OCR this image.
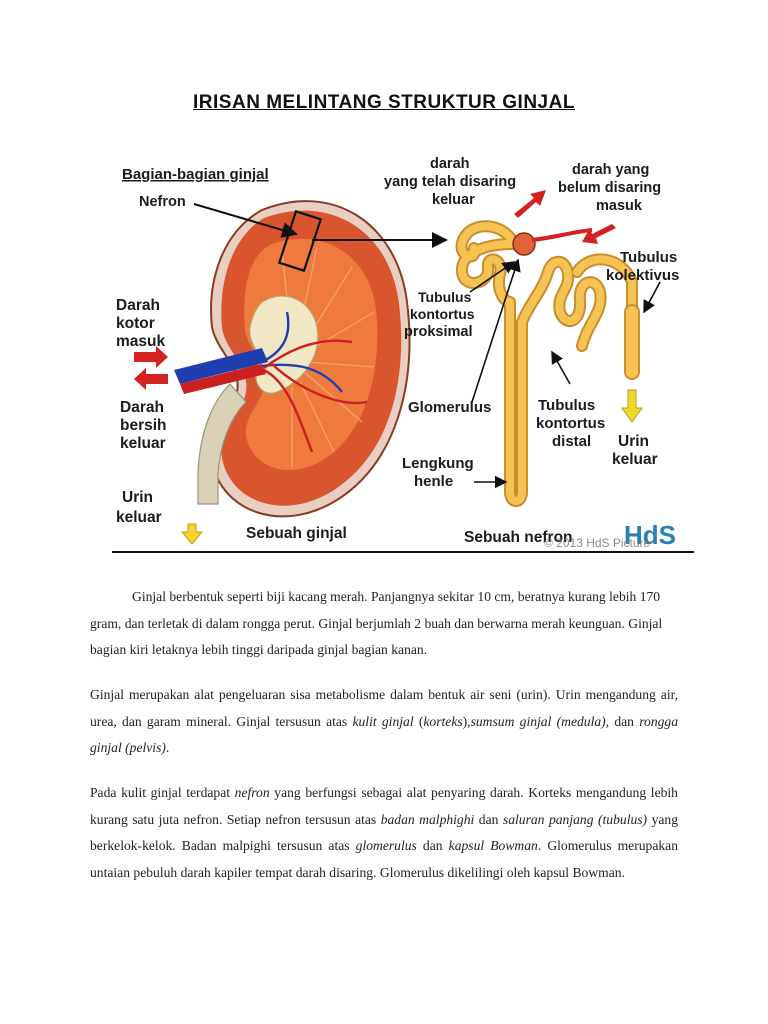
IRISAN MELINTANG STRUKTUR GINJAL
Bagian-bagian ginjal
Nefron
Darah
kotor
masuk
Darah
bersih
keluar
Urin
keluar
Sebuah ginjal
darah
yang telah disaring
keluar
darah yang
belum disaring
masuk
Tubulus
kolektivus
Tubulus
kontortus
proksimal
Glomerulus	Tubulus
kontortus
distal Urin
keluar
Lengkung
henle
Sebuah nefron HdS
© 2013 HdS Picture

Ginjal berbentuk seperti biji kacang merah. Panjangnya sekitar 10 cm, beratnya kurang lebih 170 gram, dan terletak di dalam rongga perut. Ginjal berjumlah 2 buah dan berwarna merah keunguan. Ginjal bagian kiri letaknya lebih tinggi daripada ginjal bagian kanan.

Ginjal merupakan alat pengeluaran sisa metabolisme dalam bentuk air seni (urin). Urin mengandung air, urea, dan garam mineral. Ginjal tersusun atas kulit ginjal (korteks),sumsum ginjal (medula), dan rongga ginjal (pelvis).

Pada kulit ginjal terdapat nefron yang berfungsi sebagai alat penyaring darah. Korteks mengandung lebih kurang satu juta nefron. Setiap nefron tersusun atas badan malphighi dan saluran panjang (tubulus) yang berkelok-kelok. Badan malpighi tersusun atas glomerulus dan kapsul Bowman. Glomerulus merupakan untaian pebuluh darah kapiler tempat darah disaring. Glomerulus dikelilingi oleh kapsul Bowman.
